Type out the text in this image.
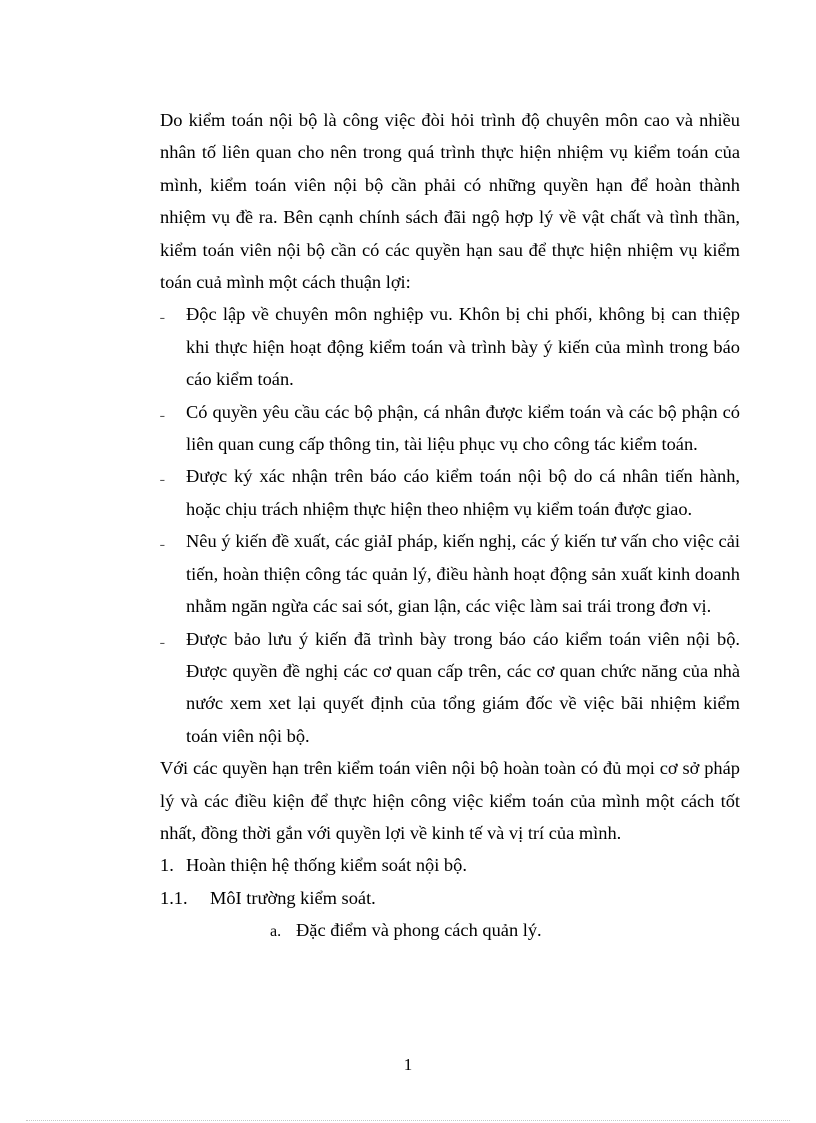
Do kiểm toán nội bộ là công việc đòi hỏi trình độ chuyên môn cao và nhiều nhân tố liên quan cho nên trong quá trình thực hiện nhiệm vụ kiểm toán của mình, kiểm toán viên nội bộ cần phải có những quyền hạn để hoàn thành nhiệm vụ đề ra. Bên cạnh chính sách đãi ngộ hợp lý về vật chất và tình thần, kiểm toán viên nội bộ cần có các quyền hạn sau để thực hiện nhiệm vụ kiểm toán cuả mình một cách thuận lợi:

ˍ Độc lập về chuyên môn nghiệp vu. Khôn bị chi phối, không bị can thiệp khi thực hiện hoạt động kiểm toán và trình bày ý kiến của mình trong báo cáo kiểm toán.

ˍ Có quyền yêu cầu các bộ phận, cá nhân được kiểm toán và các bộ phận có liên quan cung cấp thông tin, tài liệu phục vụ cho công tác kiểm toán.

ˍ Được ký xác nhận trên báo cáo kiểm toán nội bộ do cá nhân tiến hành, hoặc chịu trách nhiệm thực hiện theo nhiệm vụ kiểm toán được giao.

ˍ Nêu ý kiến đề xuất, các giảI pháp, kiến nghị, các ý kiến tư vấn cho việc cải tiến, hoàn thiện công tác quản lý, điều hành hoạt động sản xuất kinh doanh nhằm ngăn ngừa các sai sót, gian lận, các việc làm sai trái trong đơn vị.

ˍ Được bảo lưu ý kiến đã trình bày trong báo cáo kiểm toán viên nội bộ. Được quyền đề nghị các cơ quan cấp trên, các cơ quan chức năng của nhà nước xem xet lại quyết định của tổng giám đốc về việc bãi nhiệm kiểm toán viên nội bộ.

Với các quyền hạn trên kiểm toán viên nội bộ hoàn toàn có đủ mọi cơ sở pháp lý và các điều kiện để thực hiện công việc kiểm toán của mình một cách tốt nhất, đồng thời gắn với quyền lợi về kinh tế và vị trí của mình.

1. Hoàn thiện hệ thống kiểm soát nội bộ.

1.1. MôI trường kiểm soát.

a. Đặc điểm và phong cách quản lý.

1
